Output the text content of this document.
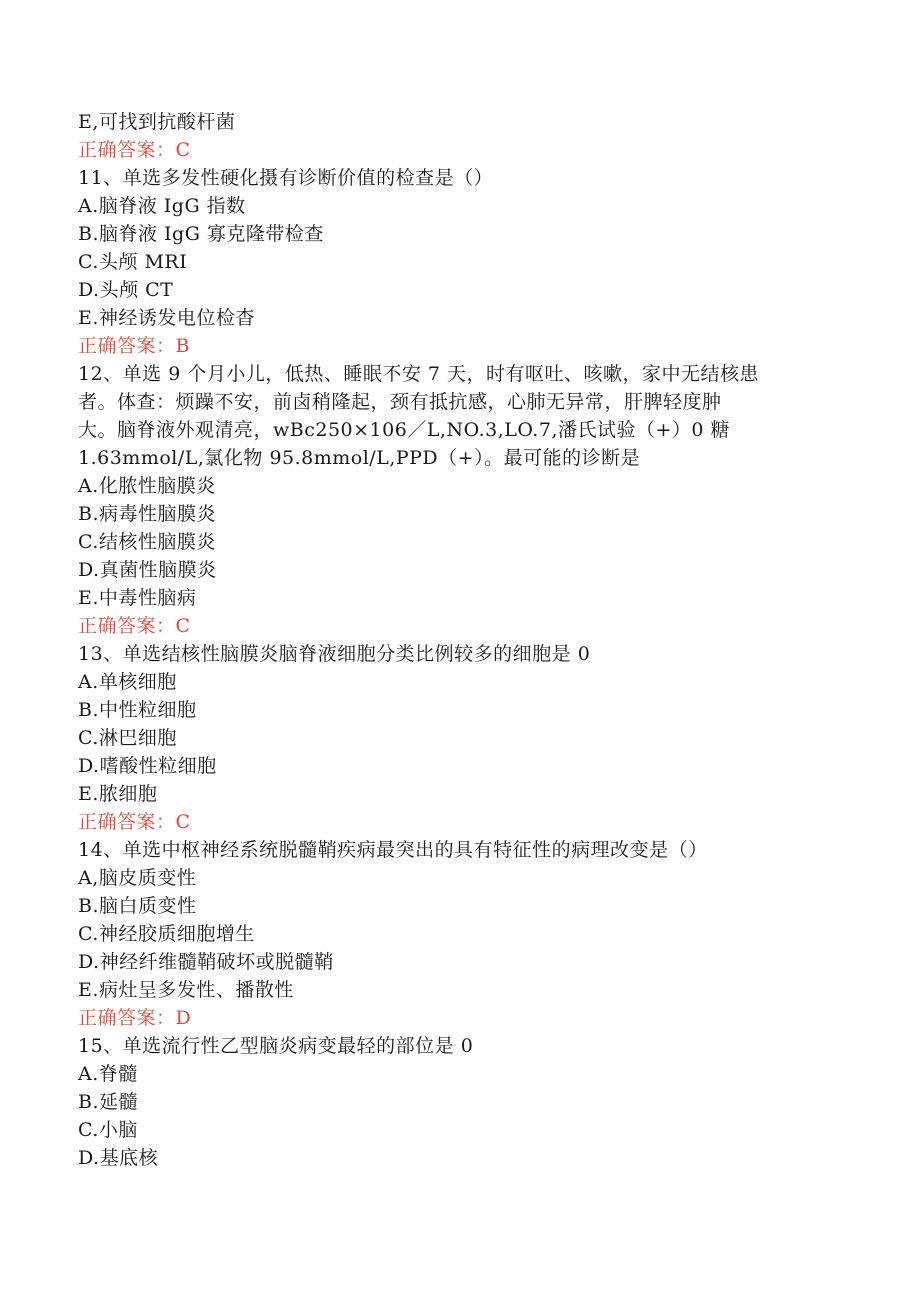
E,可找到抗酸杆菌
正确答案：C
11、单选多发性硬化摄有诊断价值的检查是（）
A.脑脊液 IgG 指数
B.脑脊液 IgG 寡克隆带检查
C.头颅 MRI
D.头颅 CT
E.神经诱发电位检杳
正确答案：B
12、单选 9 个月小儿，低热、睡眠不安 7 天，时有呕吐、咳嗽，家中无结核患
者。体查：烦躁不安，前卤稍隆起，颈有抵抗感，心肺无异常，肝脾轻度肿
大。脑脊液外观清亮，wBc250×106／L,NO.3,LO.7,潘氏试验（+）0 糖
1.63mmol/L,氯化物 95.8mmol/L,PPD（+）。最可能的诊断是
A.化脓性脑膜炎
B.病毒性脑膜炎
C.结核性脑膜炎
D.真菌性脑膜炎
E.中毒性脑病
正确答案：C
13、单选结核性脑膜炎脑脊液细胞分类比例较多的细胞是 0
A.单核细胞
B.中性粒细胞
C.淋巴细胞
D.嗜酸性粒细胞
E.脓细胞
正确答案：C
14、单选中枢神经系统脱髓鞘疾病最突出的具有特征性的病理改变是（）
A,脑皮质变性
B.脑白质变性
C.神经胶质细胞增生
D.神经纤维髓鞘破坏或脱髓鞘
E.病灶呈多发性、播散性
正确答案：D
15、单选流行性乙型脑炎病变最轻的部位是 0
A.脊髓
B.延髓
C.小脑
D.基底核
